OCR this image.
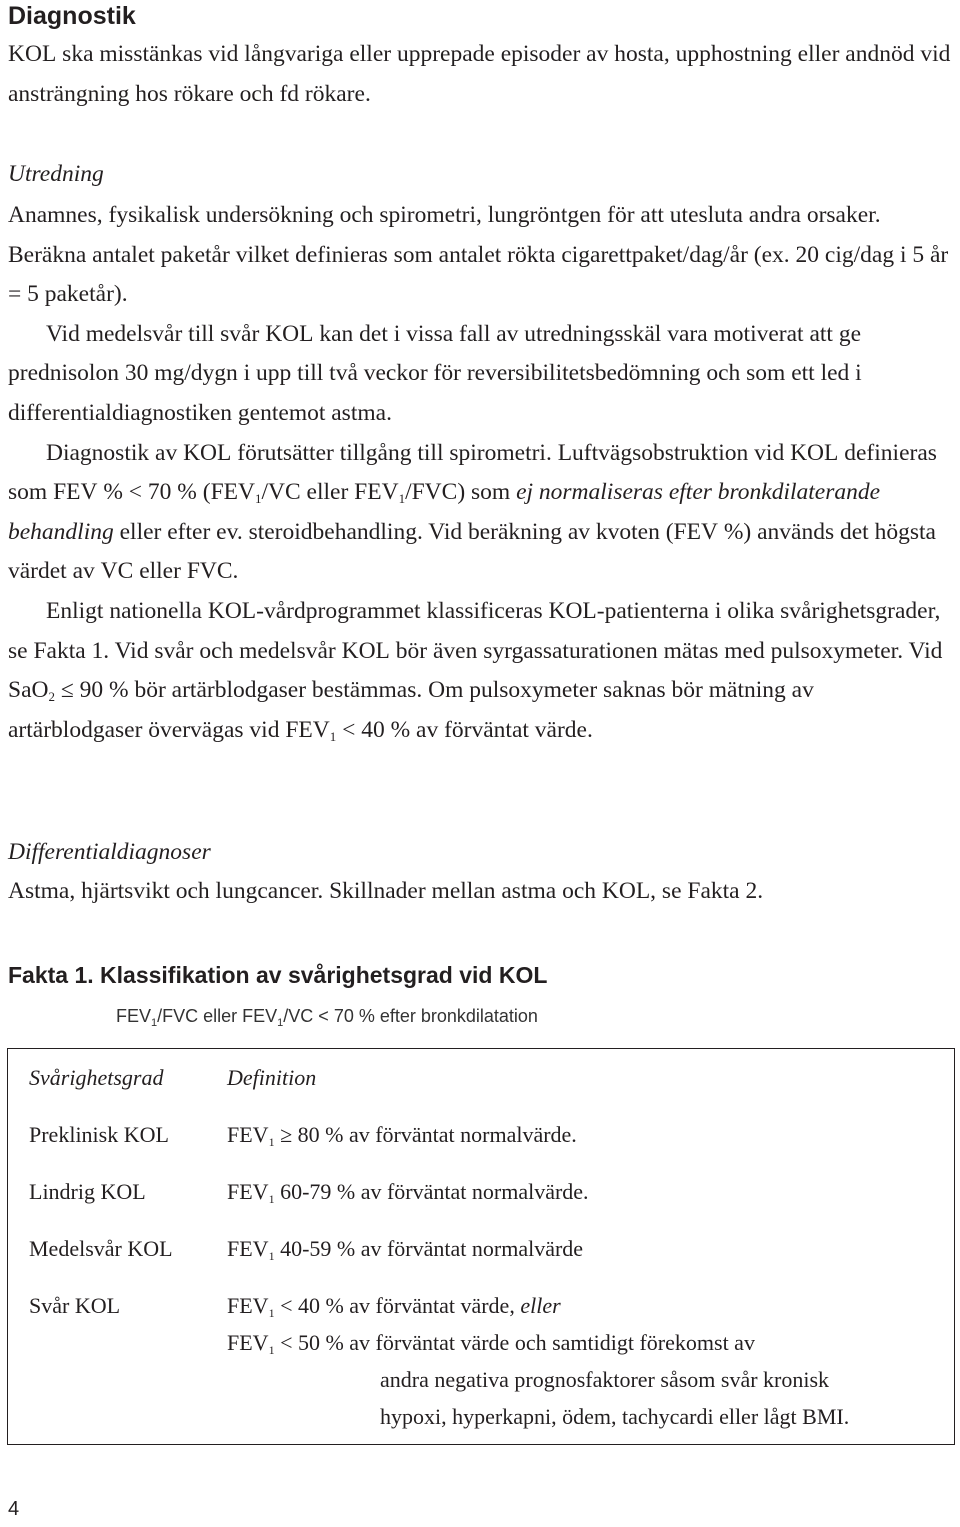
Diagnostik

KOL ska misstänkas vid långvariga eller upprepade episoder av hosta, upphostning eller andnöd vid ansträngning hos rökare och fd rökare.

Utredning

Anamnes, fysikalisk undersökning och spirometri, lungröntgen för att utesluta andra orsaker. Beräkna antalet paketår vilket definieras som antalet rökta cigarettpaket/dag/år (ex. 20 cig/dag i 5 år = 5 paketår).

Vid medelsvår till svår KOL kan det i vissa fall av utredningsskäl vara motiverat att ge prednisolon 30 mg/dygn i upp till två veckor för reversibilitetsbedömning och som ett led i differentialdiagnostiken gentemot astma.

Diagnostik av KOL förutsätter tillgång till spirometri. Luftvägsobstruktion vid KOL definieras som FEV % < 70 % ($FEV_1/VC$ eller $FEV_1/FVC$) som ej normaliseras efter bronkdilaterande behandling eller efter ev. steroidbehandling. Vid beräkning av kvoten (FEV %) används det högsta värdet av VC eller FVC.

Enligt nationella KOL-vårdprogrammet klassificeras KOL-patienterna i olika svårighetsgrader, se Fakta 1. Vid svår och medelsvår KOL bör även syrgassaturationen mätas med pulsoxymeter. Vid SaO$_2$ ≤ 90 % bör artärblodgaser bestämmas. Om pulsoxymeter saknas bör mätning av artärblodgaser övervägas vid $FEV_1 < 40$ % av förväntat värde.

Differentialdiagnoser

Astma, hjärtsvikt och lungcancer. Skillnader mellan astma och KOL, se Fakta 2.

Fakta 1. Klassifikation av svårighetsgrad vid KOL
$FEV_1$/FVC eller $FEV_1/VC < 70$ % efter bronkdilatation
Svårighetsgrad	Definition
Preklinisk KOL	$FEV_1 \ge 80$ % av förväntat normalvärde.
Lindrig KOL	$FEV_1$ 60-79 % av förväntat normalvärde.
Medelsvår KOL $FEV_1$ 40-59 % av förväntat normalvärde
Svår KOL	$FEV_1 < 40$ % av förväntat värde, eller
$FEV_1 < 50$ % av förväntat värde och samtidigt förekomst av
andra negativa prognosfaktorer såsom svår kronisk
hypoxi, hyperkapni, ödem, tachycardi eller lågt BMI.
4
